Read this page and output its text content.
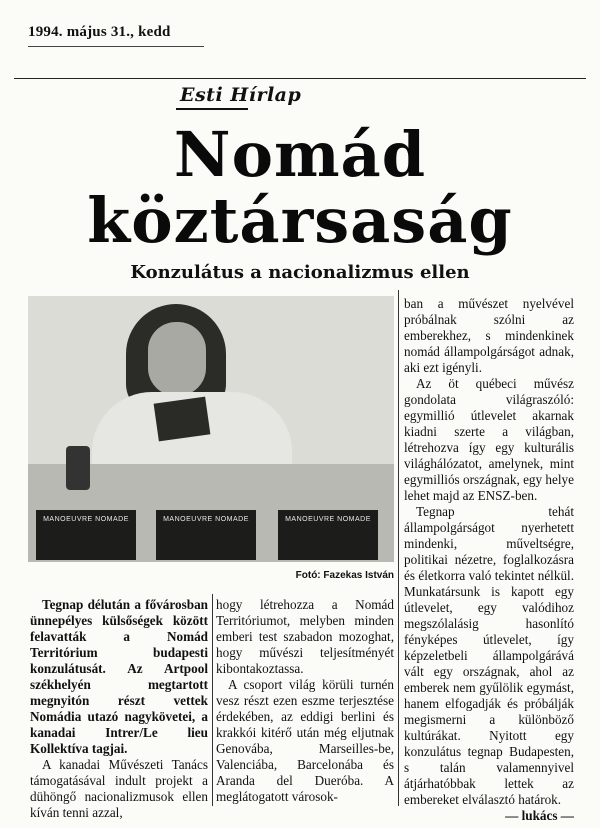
1994. május 31., kedd
Esti Hírlap
Nomád
köztársaság
Konzulátus a nacionalizmus ellen
MANOEUVRE NOMADE	MANOEUVRE NOMADE	MANOEUVRE NOMADE
Fotó: Fazekas István

ban a művészet nyelvével próbálnak szólni az emberekhez, s mindenkinek nomád állampolgárságot adnak, aki ezt igényli.

Az öt québeci művész gondolata világraszóló: egymillió útlevelet akarnak kiadni szerte a világban, létrehozva így egy kulturális világhálózatot, amelynek, mint egymilliós országnak, egy helye lehet majd az ENSZ-ben.

Tegnap tehát állampolgárságot nyerhetett mindenki, műveltségre, politikai nézetre, foglalkozásra és életkorra való tekintet nélkül. Munkatársunk is kapott egy útlevelet, egy valódihoz megszólalásig hasonlító fényképes útlevelet, így képzeletbeli állampolgárává vált egy országnak, ahol az emberek nem gyűlölik egymást, hanem elfogadják és próbálják megismerni a különböző kultúrákat. Nyitott egy konzulátus tegnap Budapesten, s talán valamennyivel átjárhatóbbak lettek az embereket elválasztó határok.

— lukács —

Tegnap délután a fővárosban ünnepélyes külsőségek között felavatták a Nomád Territórium budapesti konzulátusát. Az Artpool székhelyén megtartott megnyitón részt vettek Nomádia utazó nagykövetei, a kanadai Intrer/Le lieu Kollektíva tagjai.

A kanadai Művészeti Tanács támogatásával indult projekt a dühöngő nacionalizmusok ellen kíván tenni azzal,

hogy létrehozza a Nomád Territóriumot, melyben minden emberi test szabadon mozoghat, hogy művészi teljesítményét kibontakoztassa.

A csoport világ körüli turnén vesz részt ezen eszme terjesztése érdekében, az eddigi berlini és krakkói kitérő után még eljutnak Genovába, Marseilles-be, Valenciába, Barcelonába és Aranda del Dueróba. A meglátogatott városok-
